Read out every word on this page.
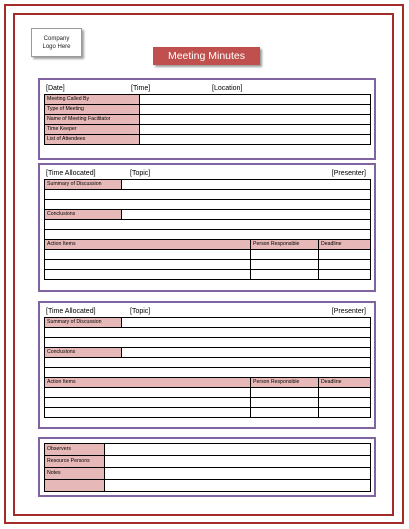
Company
Logo Here
Meeting Minutes
[Date]	[Time]	[Location]
Meeting Called By	
Type of Meeting	
Name of Meeting Facilitator	
Time Keeper	
List of Attendees	
[Time Allocated]	[Topic]	[Presenter]
Summary of Discussion			

Conclusions			

Action Items		Person Responsible	Deadline

[Time Allocated]	[Topic]	[Presenter]
Summary of Discussion			

Conclusions			

Action Items		Person Responsible	Deadline

Observers	
Resource Persons	
Notes	
